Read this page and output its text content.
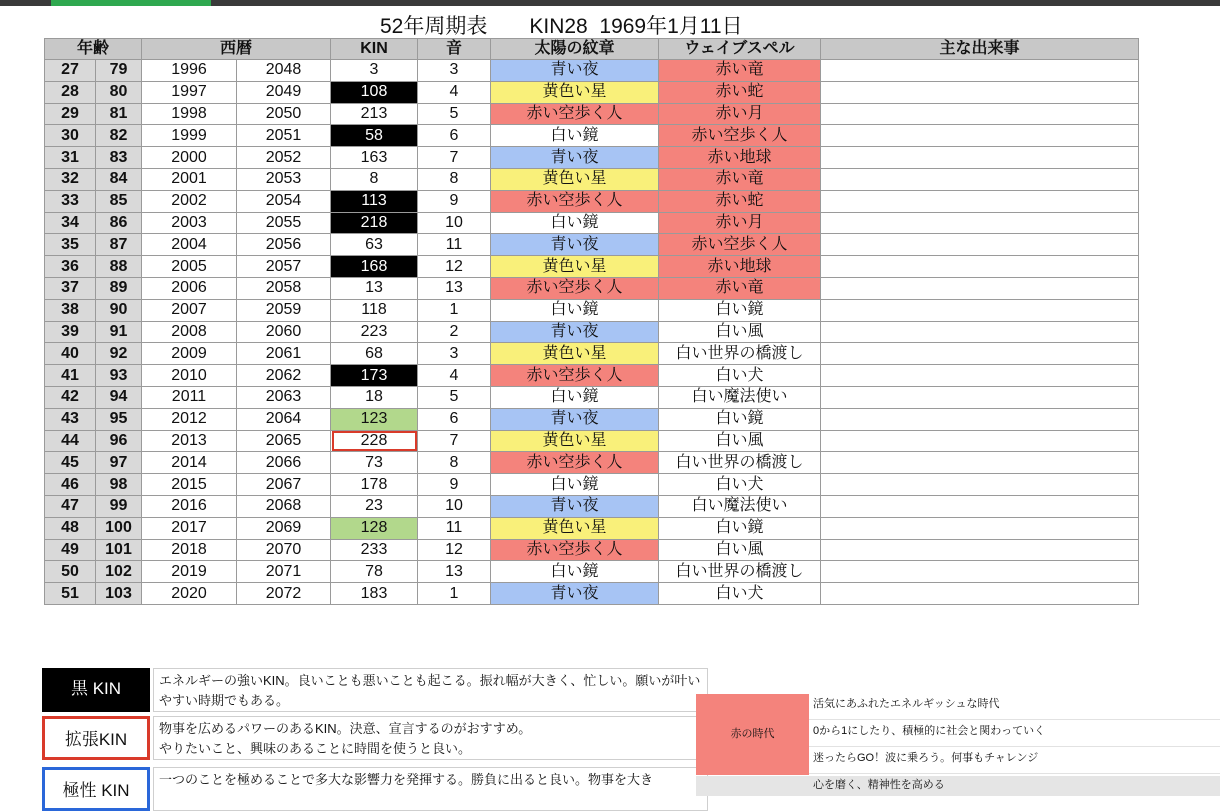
52年周期表　　KIN28  1969年1月11日
年齢		西暦		KIN	音	太陽の紋章	ウェイブスペル	主な出来事
27	79	1996	2048	3	3	青い夜	赤い竜	
28	80	1997	2049	108	4	黄色い星	赤い蛇	
29	81	1998	2050	213	5	赤い空歩く人	赤い月	
30	82	1999	2051	58	6	白い鏡	赤い空歩く人	
31	83	2000	2052	163	7	青い夜	赤い地球	
32	84	2001	2053	8	8	黄色い星	赤い竜	
33	85	2002	2054	113	9	赤い空歩く人	赤い蛇	
34	86	2003	2055	218	10	白い鏡	赤い月	
35	87	2004	2056	63	11	青い夜	赤い空歩く人	
36	88	2005	2057	168	12	黄色い星	赤い地球	
37	89	2006	2058	13	13	赤い空歩く人	赤い竜	
38	90	2007	2059	118	1	白い鏡	白い鏡	
39	91	2008	2060	223	2	青い夜	白い風	
40	92	2009	2061	68	3	黄色い星	白い世界の橋渡し	
41	93	2010	2062	173	4	赤い空歩く人	白い犬	
42	94	2011	2063	18	5	白い鏡	白い魔法使い	
43	95	2012	2064	123	6	青い夜	白い鏡	
44	96	2013	2065	228	7	黄色い星	白い風	
45	97	2014	2066	73	8	赤い空歩く人	白い世界の橋渡し	
46	98	2015	2067	178	9	白い鏡	白い犬	
47	99	2016	2068	23	10	青い夜	白い魔法使い	
48	100	2017	2069	128	11	黄色い星	白い鏡	
49	101	2018	2070	233	12	赤い空歩く人	白い風	
50	102	2019	2071	78	13	白い鏡	白い世界の橋渡し	
51	103	2020	2072	183	1	青い夜	白い犬	
黒 KIN	エネルギーの強いKIN。良いことも悪いことも起こる。振れ幅が大きく、忙しい。願いが叶いやすい時期でもある。
拡張KIN
物事を広めるパワーのあるKIN。決意、宣言するのがおすすめ。
やりたいこと、興味のあることに時間を使うと良い。
極性 KIN
一つのことを極めることで多大な影響力を発揮する。勝負に出ると良い。物事を大き
赤の時代
活気にあふれたエネルギッシュな時代
0から1にしたり、積極的に社会と関わっていく
迷ったらGO！波に乗ろう。何事もチャレンジ
心を磨く、精神性を高める
